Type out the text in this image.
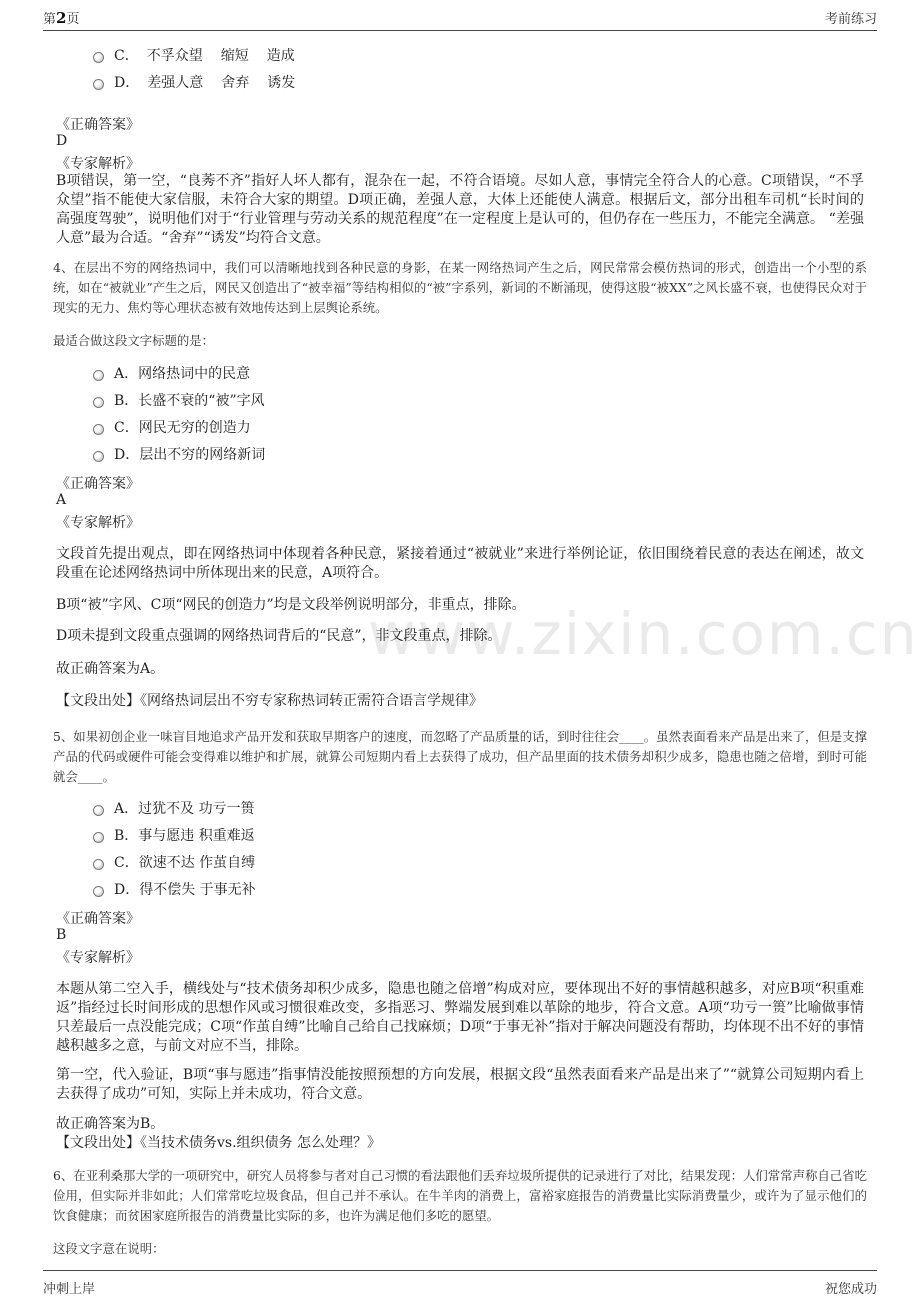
第2页	考前练习
www.zixin.com.cn
C． 不孚众望 缩短 造成
D． 差强人意 舍弃 诱发
《正确答案》
D
《专家解析》
B项错误，第一空，“良莠不齐”指好人坏人都有，混杂在一起，不符合语境。尽如人意，事情完全符合人的心意。C项错误，“不孚众望”指不能使大家信服，未符合大家的期望。D项正确，差强人意，大体上还能使人满意。根据后文，部分出租车司机“长时间的高强度驾驶”，说明他们对于“行业管理与劳动关系的规范程度”在一定程度上是认可的，但仍存在一些压力，不能完全满意。 “差强人意”最为合适。“舍弃”“诱发”均符合文意。
4、在层出不穷的网络热词中，我们可以清晰地找到各种民意的身影，在某一网络热词产生之后，网民常常会模仿热词的形式，创造出一个小型的系统，如在“被就业”产生之后，网民又创造出了“被幸福”等结构相似的“被”字系列，新词的不断涌现，使得这股“被XX”之风长盛不衰，也使得民众对于现实的无力、焦灼等心理状态被有效地传达到上层舆论系统。
最适合做这段文字标题的是：
A． 网络热词中的民意
B． 长盛不衰的“被”字风
C． 网民无穷的创造力
D． 层出不穷的网络新词
《正确答案》
A
《专家解析》
文段首先提出观点，即在网络热词中体现着各种民意，紧接着通过“被就业”来进行举例论证，依旧围绕着民意的表达在阐述，故文段重在论述网络热词中所体现出来的民意，A项符合。
B项“被”字风、C项“网民的创造力”均是文段举例说明部分，非重点，排除。
D项未提到文段重点强调的网络热词背后的“民意”，非文段重点，排除。
故正确答案为A。
【文段出处】《网络热词层出不穷专家称热词转正需符合语言学规律》
5、如果初创企业一味盲目地追求产品开发和获取早期客户的速度，而忽略了产品质量的话，到时往往会____。虽然表面看来产品是出来了，但是支撑产品的代码或硬件可能会变得难以维护和扩展，就算公司短期内看上去获得了成功，但产品里面的技术债务却积少成多，隐患也随之倍增，到时可能就会____。
A． 过犹不及 功亏一篑
B． 事与愿违 积重难返
C． 欲速不达 作茧自缚
D． 得不偿失 于事无补
《正确答案》
B
《专家解析》
本题从第二空入手，横线处与“技术债务却积少成多，隐患也随之倍增”构成对应，要体现出不好的事情越积越多，对应B项“积重难返”指经过长时间形成的思想作风或习惯很难改变，多指恶习、弊端发展到难以革除的地步，符合文意。A项“功亏一篑”比喻做事情只差最后一点没能完成；C项“作茧自缚”比喻自己给自己找麻烦；D项“于事无补”指对于解决问题没有帮助，均体现不出不好的事情越积越多之意，与前文对应不当，排除。
第一空，代入验证，B项“事与愿违”指事情没能按照预想的方向发展，根据文段“虽然表面看来产品是出来了”“就算公司短期内看上去获得了成功”可知，实际上并未成功，符合文意。
故正确答案为B。
【文段出处】《当技术债务vs.组织债务 怎么处理？》
6、在亚利桑那大学的一项研究中，研究人员将参与者对自己习惯的看法跟他们丢弃垃圾所提供的记录进行了对比，结果发现：人们常常声称自己省吃俭用，但实际并非如此；人们常常吃垃圾食品，但自己并不承认。在牛羊肉的消费上，富裕家庭报告的消费量比实际消费量少，或许为了显示他们的饮食健康；而贫困家庭所报告的消费量比实际的多，也许为满足他们多吃的愿望。
这段文字意在说明：
冲刺上岸	祝您成功
